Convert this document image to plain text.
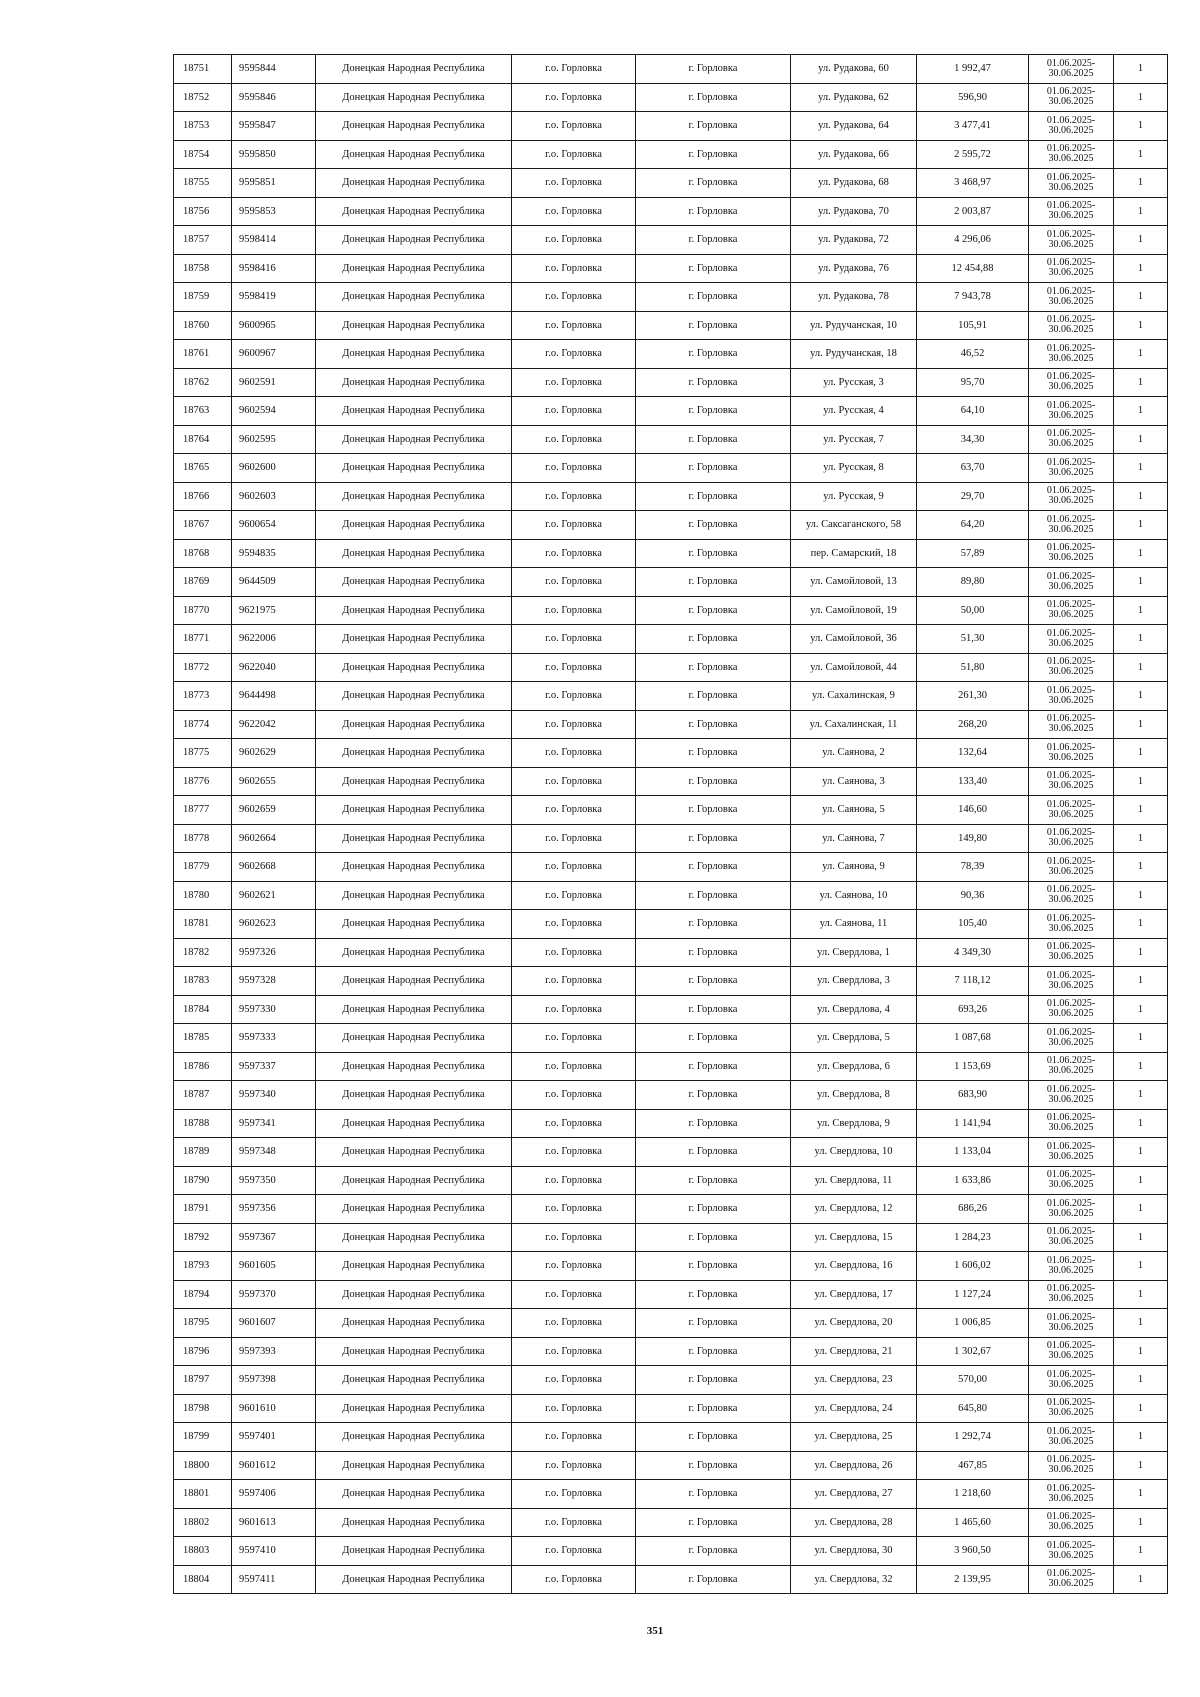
18751	9595844	Донецкая Народная Республика	г.о. Горловка	г. Горловка	ул. Рудакова, 60	1 992,47	01.06.2025-
30.06.2025	1
18752	9595846	Донецкая Народная Республика	г.о. Горловка	г. Горловка	ул. Рудакова, 62	596,90	01.06.2025-
30.06.2025	1
18753	9595847	Донецкая Народная Республика	г.о. Горловка	г. Горловка	ул. Рудакова, 64	3 477,41	01.06.2025-
30.06.2025	1
18754	9595850	Донецкая Народная Республика	г.о. Горловка	г. Горловка	ул. Рудакова, 66	2 595,72	01.06.2025-
30.06.2025	1
18755	9595851	Донецкая Народная Республика	г.о. Горловка	г. Горловка	ул. Рудакова, 68	3 468,97	01.06.2025-
30.06.2025	1
18756	9595853	Донецкая Народная Республика	г.о. Горловка	г. Горловка	ул. Рудакова, 70	2 003,87	01.06.2025-
30.06.2025	1
18757	9598414	Донецкая Народная Республика	г.о. Горловка	г. Горловка	ул. Рудакова, 72	4 296,06	01.06.2025-
30.06.2025	1
18758	9598416	Донецкая Народная Республика	г.о. Горловка	г. Горловка	ул. Рудакова, 76	12 454,88	01.06.2025-
30.06.2025	1
18759	9598419	Донецкая Народная Республика	г.о. Горловка	г. Горловка	ул. Рудакова, 78	7 943,78	01.06.2025-
30.06.2025	1
18760	9600965	Донецкая Народная Республика	г.о. Горловка	г. Горловка	ул. Рудучанская, 10	105,91	01.06.2025-
30.06.2025	1
18761	9600967	Донецкая Народная Республика	г.о. Горловка	г. Горловка	ул. Рудучанская, 18	46,52	01.06.2025-
30.06.2025	1
18762	9602591	Донецкая Народная Республика	г.о. Горловка	г. Горловка	ул. Русская, 3	95,70	01.06.2025-
30.06.2025	1
18763	9602594	Донецкая Народная Республика	г.о. Горловка	г. Горловка	ул. Русская, 4	64,10	01.06.2025-
30.06.2025	1
18764	9602595	Донецкая Народная Республика	г.о. Горловка	г. Горловка	ул. Русская, 7	34,30	01.06.2025-
30.06.2025	1
18765	9602600	Донецкая Народная Республика	г.о. Горловка	г. Горловка	ул. Русская, 8	63,70	01.06.2025-
30.06.2025	1
18766	9602603	Донецкая Народная Республика	г.о. Горловка	г. Горловка	ул. Русская, 9	29,70	01.06.2025-
30.06.2025	1
18767	9600654	Донецкая Народная Республика	г.о. Горловка	г. Горловка	ул. Саксаганского, 58	64,20	01.06.2025-
30.06.2025	1
18768	9594835	Донецкая Народная Республика	г.о. Горловка	г. Горловка	пер. Самарский, 18	57,89	01.06.2025-
30.06.2025	1
18769	9644509	Донецкая Народная Республика	г.о. Горловка	г. Горловка	ул. Самойловой, 13	89,80	01.06.2025-
30.06.2025	1
18770	9621975	Донецкая Народная Республика	г.о. Горловка	г. Горловка	ул. Самойловой, 19	50,00	01.06.2025-
30.06.2025	1
18771	9622006	Донецкая Народная Республика	г.о. Горловка	г. Горловка	ул. Самойловой, 36	51,30	01.06.2025-
30.06.2025	1
18772	9622040	Донецкая Народная Республика	г.о. Горловка	г. Горловка	ул. Самойловой, 44	51,80	01.06.2025-
30.06.2025	1
18773	9644498	Донецкая Народная Республика	г.о. Горловка	г. Горловка	ул. Сахалинская, 9	261,30	01.06.2025-
30.06.2025	1
18774	9622042	Донецкая Народная Республика	г.о. Горловка	г. Горловка	ул. Сахалинская, 11	268,20	01.06.2025-
30.06.2025	1
18775	9602629	Донецкая Народная Республика	г.о. Горловка	г. Горловка	ул. Саянова, 2	132,64	01.06.2025-
30.06.2025	1
18776	9602655	Донецкая Народная Республика	г.о. Горловка	г. Горловка	ул. Саянова, 3	133,40	01.06.2025-
30.06.2025	1
18777	9602659	Донецкая Народная Республика	г.о. Горловка	г. Горловка	ул. Саянова, 5	146,60	01.06.2025-
30.06.2025	1
18778	9602664	Донецкая Народная Республика	г.о. Горловка	г. Горловка	ул. Саянова, 7	149,80	01.06.2025-
30.06.2025	1
18779	9602668	Донецкая Народная Республика	г.о. Горловка	г. Горловка	ул. Саянова, 9	78,39	01.06.2025-
30.06.2025	1
18780	9602621	Донецкая Народная Республика	г.о. Горловка	г. Горловка	ул. Саянова, 10	90,36	01.06.2025-
30.06.2025	1
18781	9602623	Донецкая Народная Республика	г.о. Горловка	г. Горловка	ул. Саянова, 11	105,40	01.06.2025-
30.06.2025	1
18782	9597326	Донецкая Народная Республика	г.о. Горловка	г. Горловка	ул. Свердлова, 1	4 349,30	01.06.2025-
30.06.2025	1
18783	9597328	Донецкая Народная Республика	г.о. Горловка	г. Горловка	ул. Свердлова, 3	7 118,12	01.06.2025-
30.06.2025	1
18784	9597330	Донецкая Народная Республика	г.о. Горловка	г. Горловка	ул. Свердлова, 4	693,26	01.06.2025-
30.06.2025	1
18785	9597333	Донецкая Народная Республика	г.о. Горловка	г. Горловка	ул. Свердлова, 5	1 087,68	01.06.2025-
30.06.2025	1
18786	9597337	Донецкая Народная Республика	г.о. Горловка	г. Горловка	ул. Свердлова, 6	1 153,69	01.06.2025-
30.06.2025	1
18787	9597340	Донецкая Народная Республика	г.о. Горловка	г. Горловка	ул. Свердлова, 8	683,90	01.06.2025-
30.06.2025	1
18788	9597341	Донецкая Народная Республика	г.о. Горловка	г. Горловка	ул. Свердлова, 9	1 141,94	01.06.2025-
30.06.2025	1
18789	9597348	Донецкая Народная Республика	г.о. Горловка	г. Горловка	ул. Свердлова, 10	1 133,04	01.06.2025-
30.06.2025	1
18790	9597350	Донецкая Народная Республика	г.о. Горловка	г. Горловка	ул. Свердлова, 11	1 633,86	01.06.2025-
30.06.2025	1
18791	9597356	Донецкая Народная Республика	г.о. Горловка	г. Горловка	ул. Свердлова, 12	686,26	01.06.2025-
30.06.2025	1
18792	9597367	Донецкая Народная Республика	г.о. Горловка	г. Горловка	ул. Свердлова, 15	1 284,23	01.06.2025-
30.06.2025	1
18793	9601605	Донецкая Народная Республика	г.о. Горловка	г. Горловка	ул. Свердлова, 16	1 606,02	01.06.2025-
30.06.2025	1
18794	9597370	Донецкая Народная Республика	г.о. Горловка	г. Горловка	ул. Свердлова, 17	1 127,24	01.06.2025-
30.06.2025	1
18795	9601607	Донецкая Народная Республика	г.о. Горловка	г. Горловка	ул. Свердлова, 20	1 006,85	01.06.2025-
30.06.2025	1
18796	9597393	Донецкая Народная Республика	г.о. Горловка	г. Горловка	ул. Свердлова, 21	1 302,67	01.06.2025-
30.06.2025	1
18797	9597398	Донецкая Народная Республика	г.о. Горловка	г. Горловка	ул. Свердлова, 23	570,00	01.06.2025-
30.06.2025	1
18798	9601610	Донецкая Народная Республика	г.о. Горловка	г. Горловка	ул. Свердлова, 24	645,80	01.06.2025-
30.06.2025	1
18799	9597401	Донецкая Народная Республика	г.о. Горловка	г. Горловка	ул. Свердлова, 25	1 292,74	01.06.2025-
30.06.2025	1
18800	9601612	Донецкая Народная Республика	г.о. Горловка	г. Горловка	ул. Свердлова, 26	467,85	01.06.2025-
30.06.2025	1
18801	9597406	Донецкая Народная Республика	г.о. Горловка	г. Горловка	ул. Свердлова, 27	1 218,60	01.06.2025-
30.06.2025	1
18802	9601613	Донецкая Народная Республика	г.о. Горловка	г. Горловка	ул. Свердлова, 28	1 465,60	01.06.2025-
30.06.2025	1
18803	9597410	Донецкая Народная Республика	г.о. Горловка	г. Горловка	ул. Свердлова, 30	3 960,50	01.06.2025-
30.06.2025	1
18804	9597411	Донецкая Народная Республика	г.о. Горловка	г. Горловка	ул. Свердлова, 32	2 139,95	01.06.2025-
30.06.2025	1
351
